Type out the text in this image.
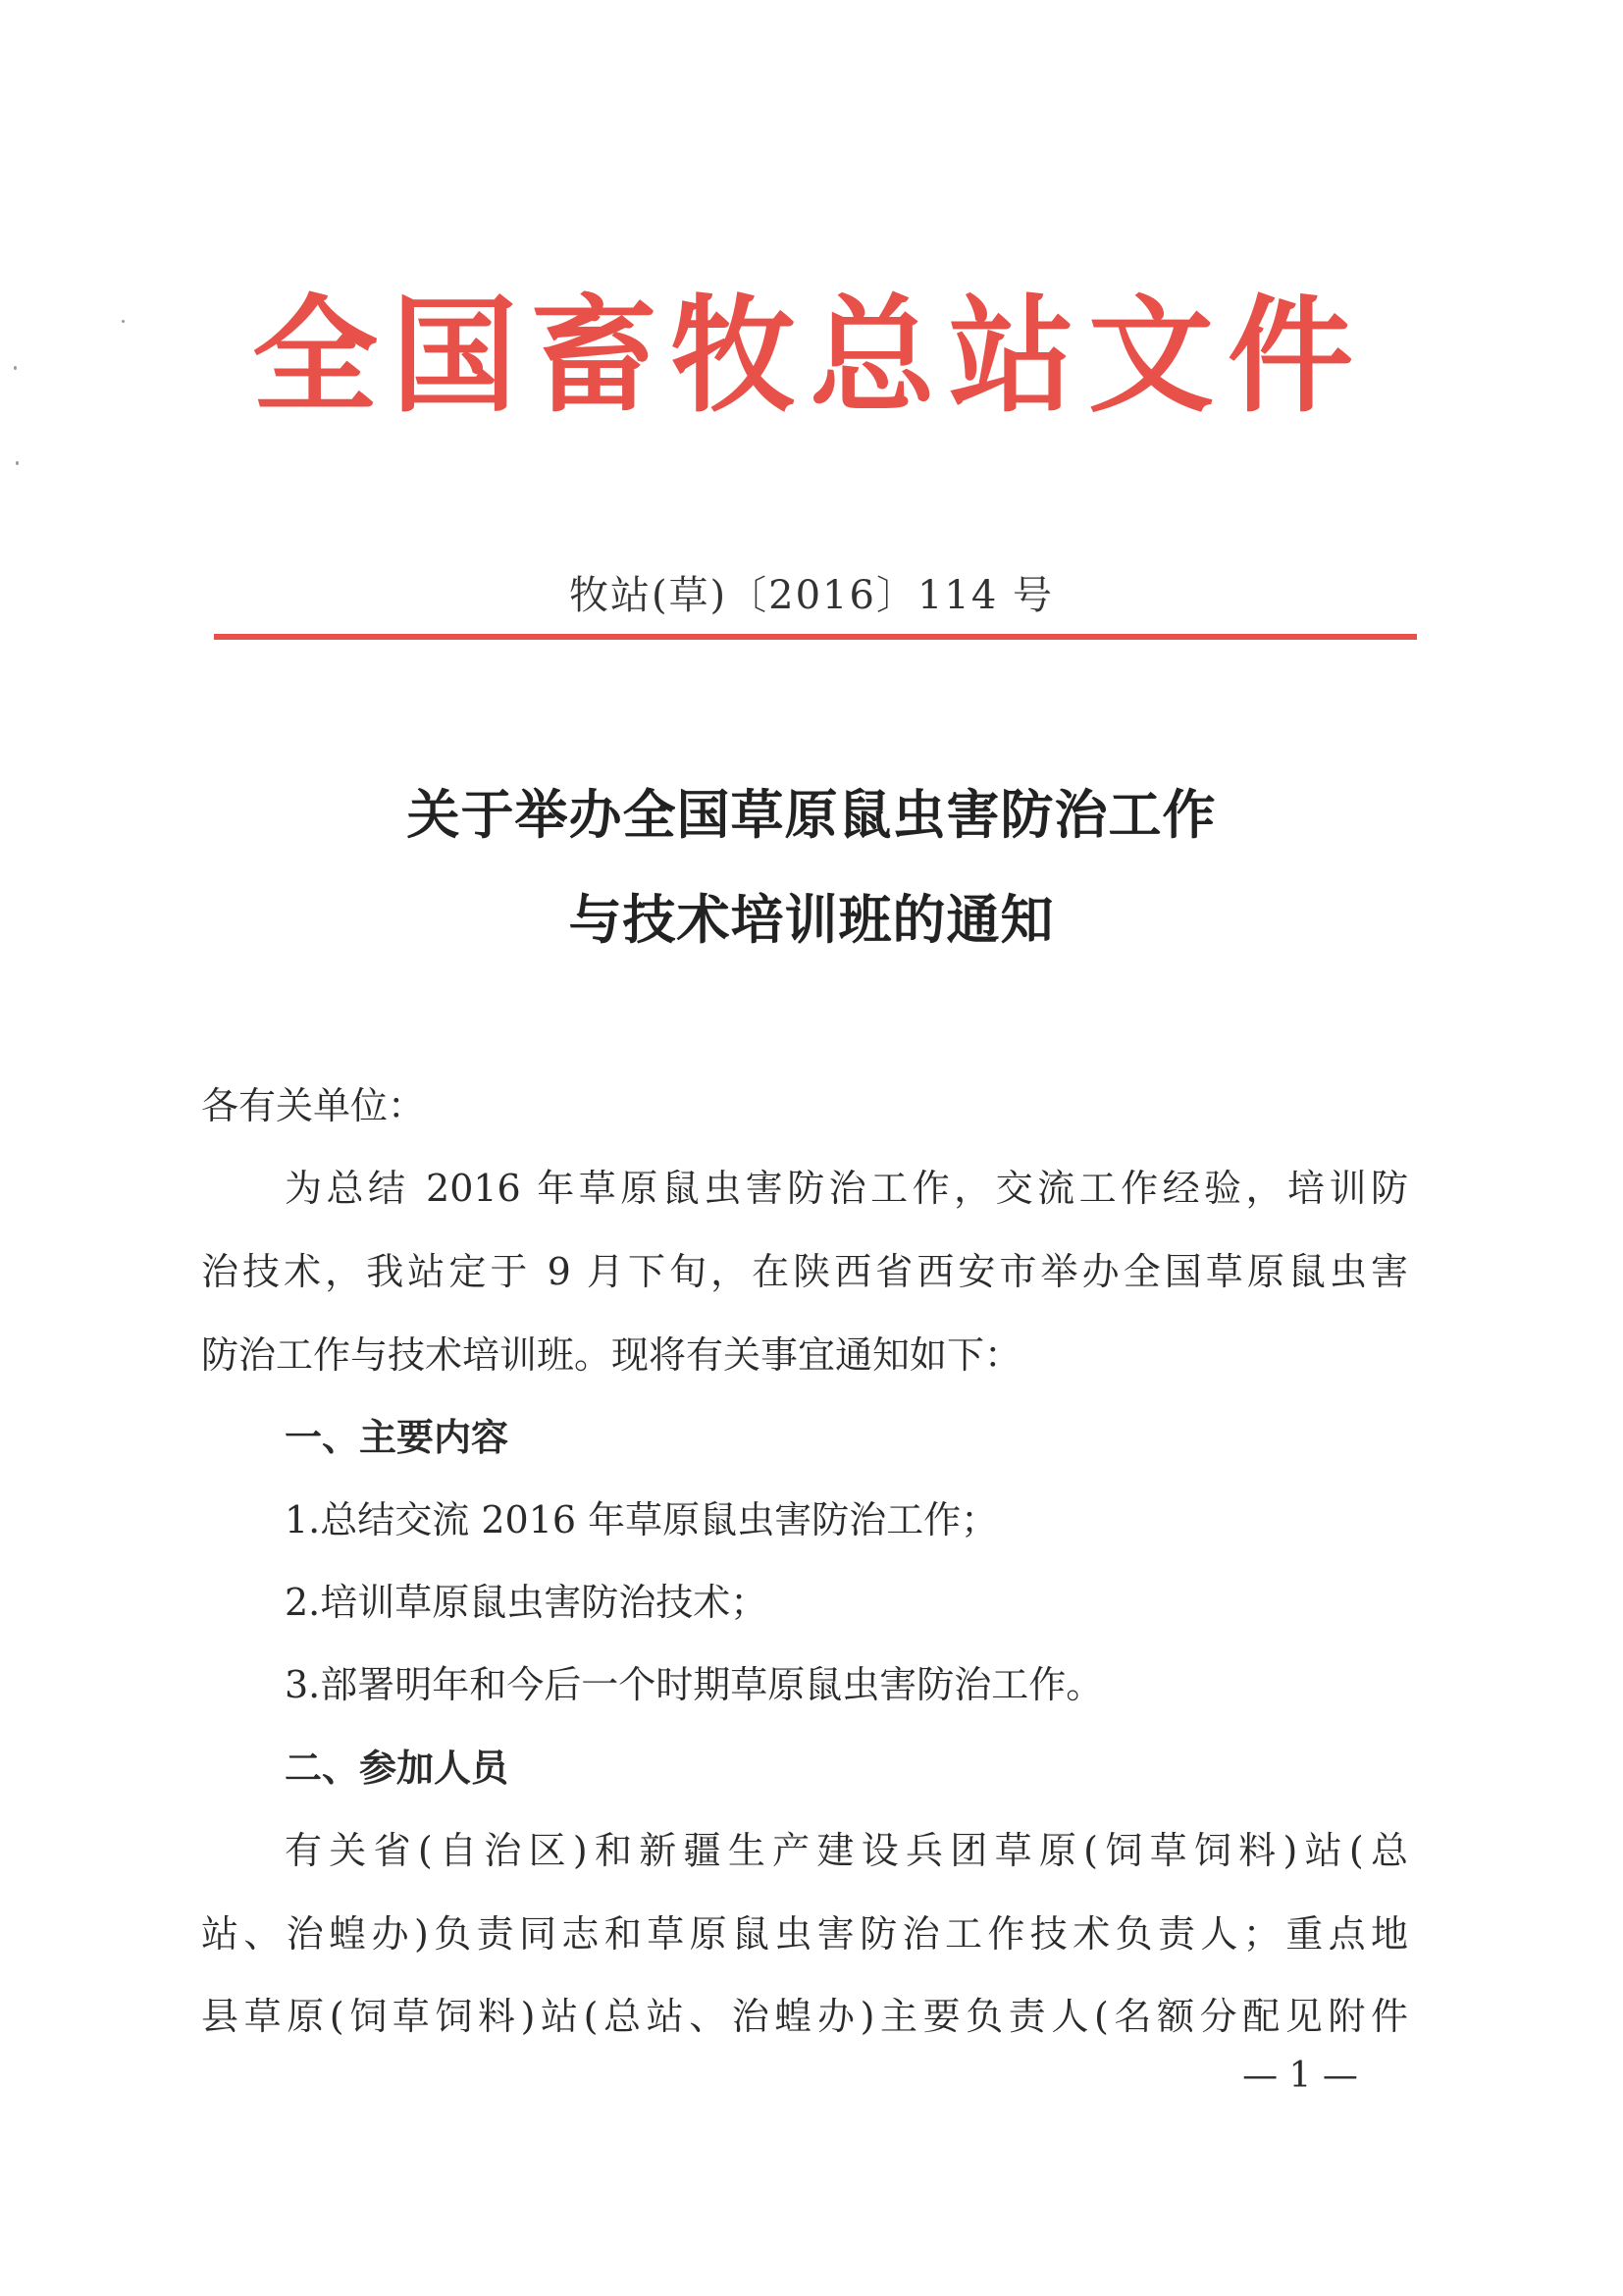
全国畜牧总站文件
牧站(草)〔2016〕114 号
关于举办全国草原鼠虫害防治工作
与技术培训班的通知
各有关单位：
为总结 2016 年草原鼠虫害防治工作，交流工作经验，培训防
治技术，我站定于 9 月下旬，在陕西省西安市举办全国草原鼠虫害
防治工作与技术培训班。现将有关事宜通知如下：
一、主要内容
1.总结交流 2016 年草原鼠虫害防治工作；
2.培训草原鼠虫害防治技术；
3.部署明年和今后一个时期草原鼠虫害防治工作。
二、参加人员
有关省(自治区)和新疆生产建设兵团草原(饲草饲料)站(总
站、治蝗办)负责同志和草原鼠虫害防治工作技术负责人；重点地
县草原(饲草饲料)站(总站、治蝗办)主要负责人(名额分配见附件
— 1 —
